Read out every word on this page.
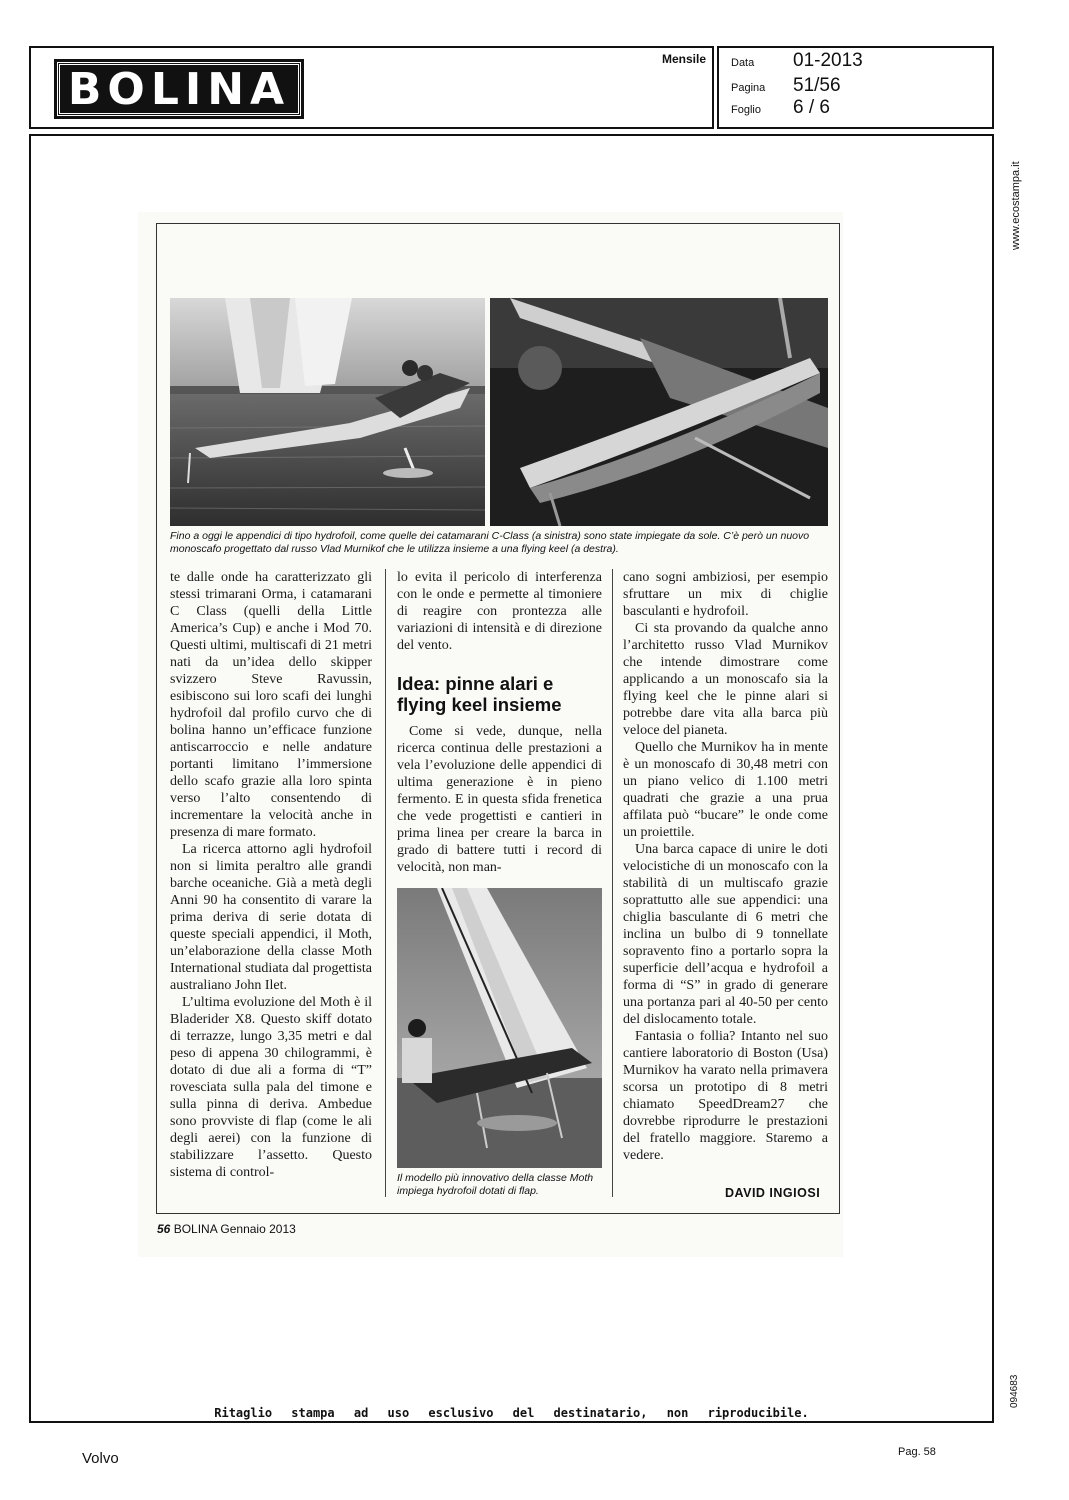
BOLINA
Mensile Data 01-2013
Pagina 51/56
Foglio 6 / 6
www.ecostampa.it
094683
Fino a oggi le appendici di tipo hydrofoil, come quelle dei catamarani C-Class (a sinistra) sono state impiegate da sole. C’è però un nuovo monoscafo progettato dal russo Vlad Murnikof che le utilizza insieme a una flying keel (a destra).

te dalle onde ha caratterizzato gli stessi trimarani Orma, i catamarani C Class (quelli della Little America’s Cup) e anche i Mod 70. Questi ultimi, multiscafi di 21 metri nati da un’idea dello skipper svizzero Steve Ravussin, esibiscono sui loro scafi dei lunghi hydrofoil dal profilo curvo che di bolina hanno un’efficace funzione antiscarroccio e nelle andature portanti limitano l’immersione dello scafo grazie alla loro spinta verso l’alto consentendo di incrementare la velocità anche in presenza di mare formato.

La ricerca attorno agli hydrofoil non si limita peraltro alle grandi barche oceaniche. Già a metà degli Anni 90 ha consentito di varare la prima deriva di serie dotata di queste speciali appendici, il Moth, un’elaborazione della classe Moth International studiata dal progettista australiano John Ilet.

L’ultima evoluzione del Moth è il Bladerider X8. Questo skiff dotato di terrazze, lungo 3,35 metri e dal peso di appena 30 chilogrammi, è dotato di due ali a forma di “T” rovesciata sulla pala del timone e sulla pinna di deriva. Ambedue sono provviste di flap (come le ali degli aerei) con la funzione di stabilizzare l’assetto. Questo sistema di control-

lo evita il pericolo di interferenza con le onde e permette al timoniere di reagire con prontezza alle variazioni di intensità e di direzione del vento.

Idea: pinne alari e flying keel insieme

Come si vede, dunque, nella ricerca continua delle prestazioni a vela l’evoluzione delle appendici di ultima generazione è in pieno fermento. E in questa sfida frenetica che vede progettisti e cantieri in prima linea per creare la barca in grado di battere tutti i record di velocità, non man-

Il modello più innovativo della classe Moth impiega hydrofoil dotati di flap.

cano sogni ambiziosi, per esempio sfruttare un mix di chiglie basculanti e hydrofoil.

Ci sta provando da qualche anno l’architetto russo Vlad Murnikov che intende dimostrare come applicando a un monoscafo sia la flying keel che le pinne alari si potrebbe dare vita alla barca più veloce del pianeta.

Quello che Murnikov ha in mente è un monoscafo di 30,48 metri con un piano velico di 1.100 metri quadrati che grazie a una prua affilata può “bucare” le onde come un proiettile.

Una barca capace di unire le doti velocistiche di un monoscafo con la stabilità di un multiscafo grazie soprattutto alle sue appendici: una chiglia basculante di 6 metri che inclina un bulbo di 9 tonnellate sopravento fino a portarlo sopra la superficie dell’acqua e hydrofoil a forma di “S” in grado di generare una portanza pari al 40-50 per cento del dislocamento totale.

Fantasia o follia? Intanto nel suo cantiere laboratorio di Boston (Usa) Murnikov ha varato nella primavera scorsa un prototipo di 8 metri chiamato SpeedDream27 che dovrebbe riprodurre le prestazioni del fratello maggiore. Staremo a vedere.

DAVID INGIOSI
56 BOLINA Gennaio 2013
Ritaglio stampa ad uso esclusivo del destinatario, non riproducibile.
Volvo	Pag. 58
